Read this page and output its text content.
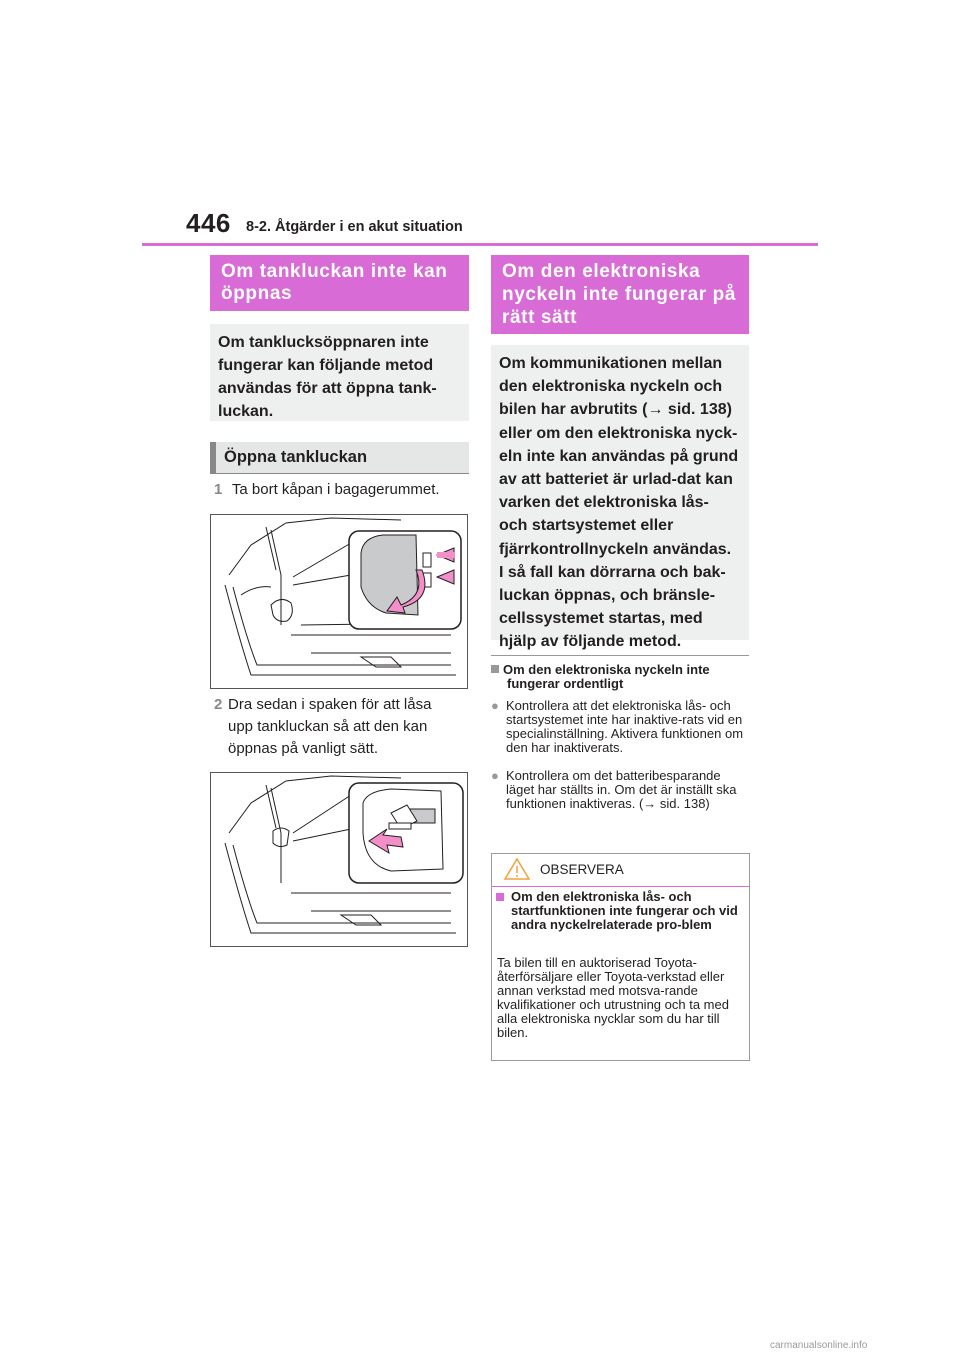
446 8-2. Åtgärder i en akut situation
Om tankluckan inte kan öppnas
Om tanklucksöppnaren inte fungerar kan följande metod användas för att öppna tank-luckan.
Öppna tankluckan
1 Ta bort kåpan i bagagerummet.
2 Dra sedan i spaken för att låsa upp tankluckan så att den kan öppnas på vanligt sätt.
Om den elektroniska nyckeln inte fungerar på rätt sätt
Om kommunikationen mellan den elektroniska nyckeln och bilen har avbrutits (→ sid. 138) eller om den elektroniska nyck-eln inte kan användas på grund av att batteriet är urlad-dat kan varken det elektroniska lås- och startsystemet eller fjärrkontrollnyckeln användas. I så fall kan dörrarna och bak-luckan öppnas, och bränsle-cellssystemet startas, med hjälp av följande metod.
Om den elektroniska nyckeln inte fungerar ordentligt
● Kontrollera att det elektroniska lås- och startsystemet inte har inaktive-rats vid en specialinställning. Aktivera funktionen om den har inaktiverats.
● Kontrollera om det batteribesparande läget har ställts in. Om det är inställt ska funktionen inaktiveras. (→ sid. 138)
OBSERVERA
Om den elektroniska lås- och startfunktionen inte fungerar och vid andra nyckelrelaterade pro-blem
Ta bilen till en auktoriserad Toyota-återförsäljare eller Toyota-verkstad eller annan verkstad med motsva-rande kvalifikationer och utrustning och ta med alla elektroniska nycklar som du har till bilen.
carmanualsonline.info
